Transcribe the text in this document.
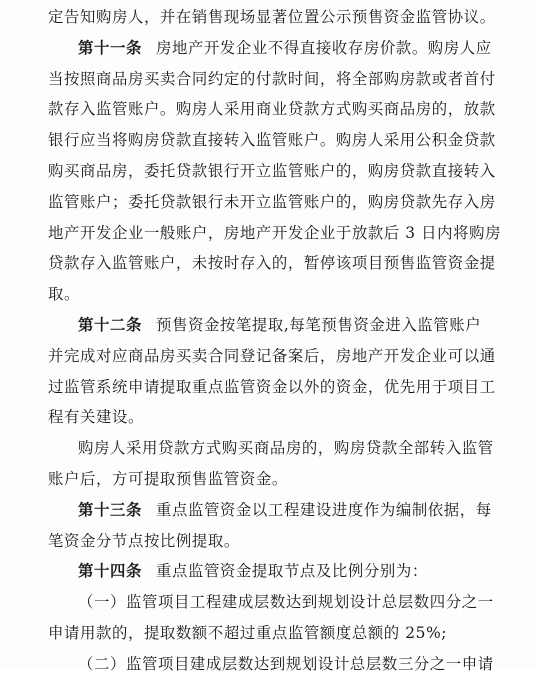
定告知购房人，并在销售现场显著位置公示预售资金监管协议。
第十一条 房地产开发企业不得直接收存房价款。购房人应
当按照商品房买卖合同约定的付款时间，将全部购房款或者首付
款存入监管账户。购房人采用商业贷款方式购买商品房的，放款
银行应当将购房贷款直接转入监管账户。购房人采用公积金贷款
购买商品房，委托贷款银行开立监管账户的，购房贷款直接转入
监管账户；委托贷款银行未开立监管账户的，购房贷款先存入房
地产开发企业一般账户，房地产开发企业于放款后 3 日内将购房
贷款存入监管账户，未按时存入的，暂停该项目预售监管资金提
取。
第十二条 预售资金按笔提取,每笔预售资金进入监管账户
并完成对应商品房买卖合同登记备案后，房地产开发企业可以通
过监管系统申请提取重点监管资金以外的资金，优先用于项目工
程有关建设。
购房人采用贷款方式购买商品房的，购房贷款全部转入监管
账户后，方可提取预售监管资金。
第十三条 重点监管资金以工程建设进度作为编制依据，每
笔资金分节点按比例提取。
第十四条 重点监管资金提取节点及比例分别为：
（一）监管项目工程建成层数达到规划设计总层数四分之一
申请用款的，提取数额不超过重点监管额度总额的 25%;
（二）监管项目建成层数达到规划设计总层数三分之一申请
